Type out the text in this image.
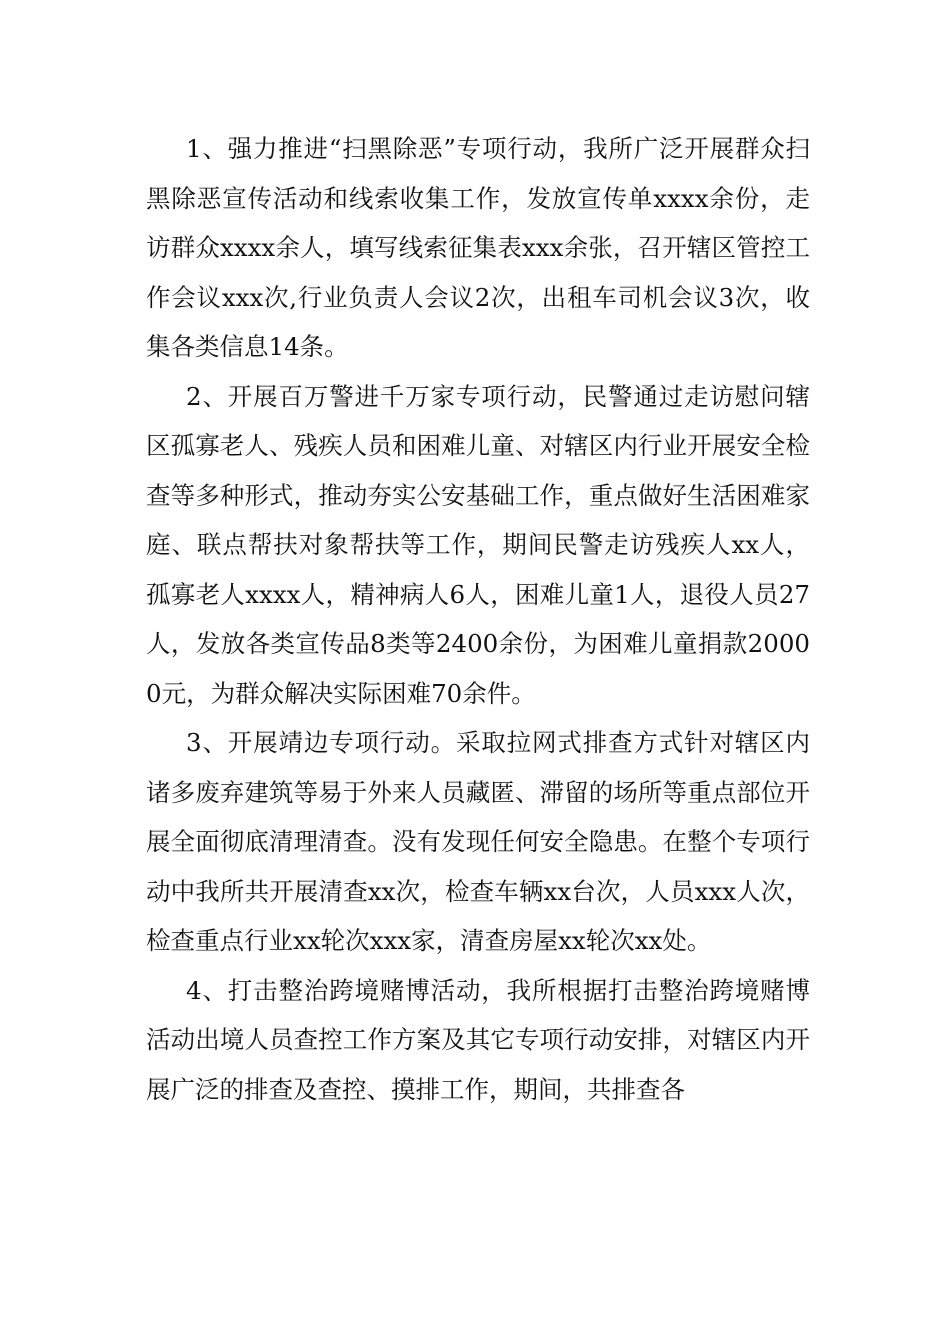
1、强力推进“扫黑除恶”专项行动，我所广泛开展群众扫黑除恶宣传活动和线索收集工作，发放宣传单xxxx余份，走访群众xxxx余人，填写线索征集表xxx余张，召开辖区管控工作会议xxx次,行业负责人会议2次，出租车司机会议3次，收集各类信息14条。

2、开展百万警进千万家专项行动，民警通过走访慰问辖区孤寡老人、残疾人员和困难儿童、对辖区内行业开展安全检查等多种形式，推动夯实公安基础工作，重点做好生活困难家庭、联点帮扶对象帮扶等工作，期间民警走访残疾人xx人，孤寡老人xxxx人，精神病人6人，困难儿童1人，退役人员27人，发放各类宣传品8类等2400余份，为困难儿童捐款20000元，为群众解决实际困难70余件。

3、开展靖边专项行动。采取拉网式排查方式针对辖区内诸多废弃建筑等易于外来人员藏匿、滞留的场所等重点部位开展全面彻底清理清查。没有发现任何安全隐患。在整个专项行动中我所共开展清查xx次，检查车辆xx台次，人员xxx人次，检查重点行业xx轮次xxx家，清查房屋xx轮次xx处。

4、打击整治跨境赌博活动，我所根据打击整治跨境赌博活动出境人员查控工作方案及其它专项行动安排，对辖区内开展广泛的排查及查控、摸排工作，期间，共排查各
